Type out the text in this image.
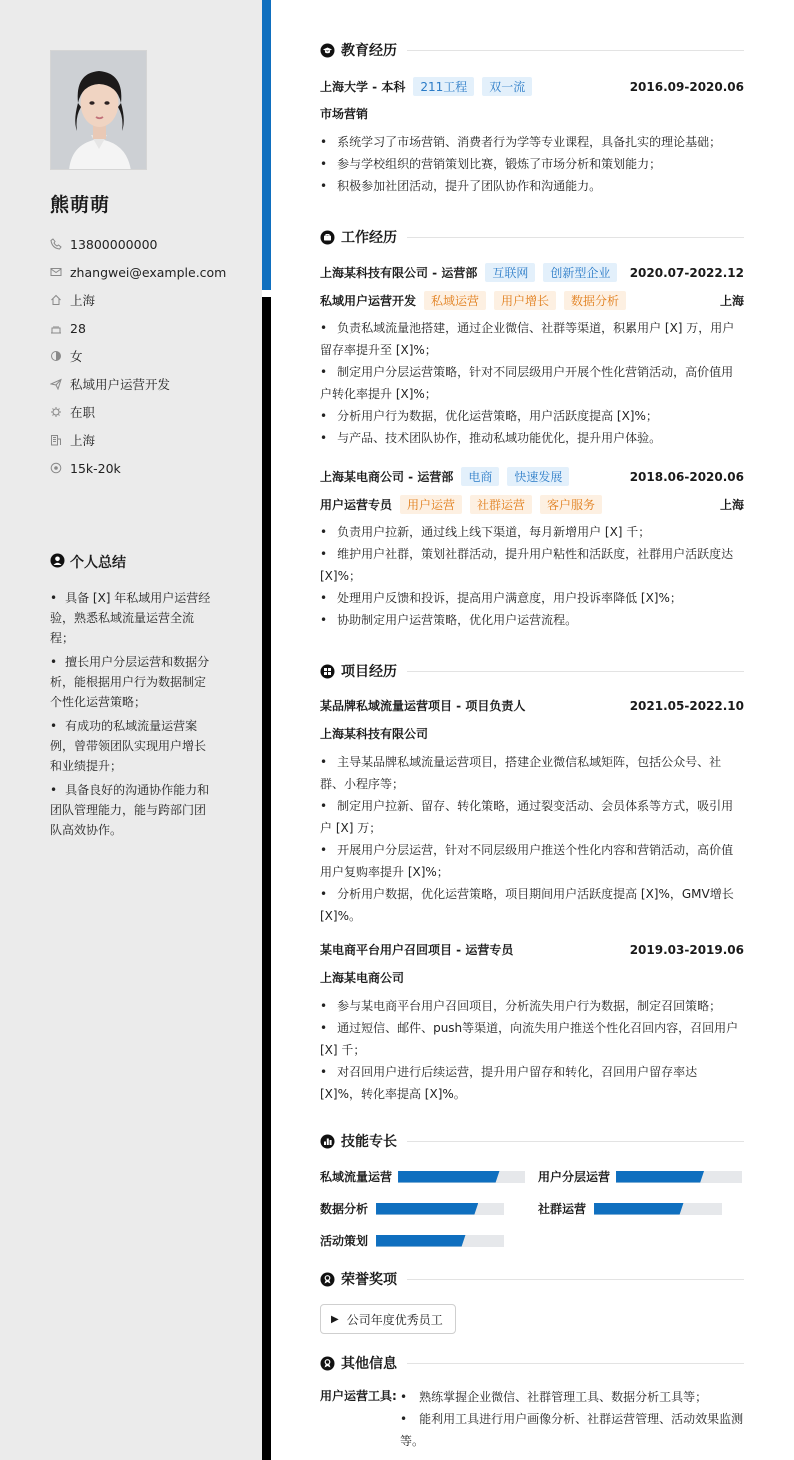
熊萌萌
13800000000
zhangwei@example.com
上海
28
女
私域用户运营开发
在职
上海
15k-20k
个人总结
• 具备 [X] 年私域用户运营经验，熟悉私域流量运营全流程；
• 擅长用户分层运营和数据分析，能根据用户行为数据制定个性化运营策略；
• 有成功的私域流量运营案例，曾带领团队实现用户增长和业绩提升；
• 具备良好的沟通协作能力和团队管理能力，能与跨部门团队高效协作。
教育经历
上海大学 - 本科	211工程	双一流	2016.09-2020.06
市场营销
• 系统学习了市场营销、消费者行为学等专业课程，具备扎实的理论基础；
• 参与学校组织的营销策划比赛，锻炼了市场分析和策划能力；
• 积极参加社团活动，提升了团队协作和沟通能力。
工作经历
上海某科技有限公司 - 运营部	互联网	创新型企业	2020.07-2022.12
私域用户运营开发	私域运营	用户增长	数据分析	上海
• 负责私域流量池搭建，通过企业微信、社群等渠道，积累用户 [X] 万，用户留存率提升至 [X]%；
• 制定用户分层运营策略，针对不同层级用户开展个性化营销活动，高价值用户转化率提升 [X]%；
• 分析用户行为数据，优化运营策略，用户活跃度提高 [X]%；
• 与产品、技术团队协作，推动私域功能优化，提升用户体验。
上海某电商公司 - 运营部	电商	快速发展	2018.06-2020.06
用户运营专员	用户运营	社群运营	客户服务	上海
• 负责用户拉新，通过线上线下渠道，每月新增用户 [X] 千；
• 维护用户社群，策划社群活动，提升用户粘性和活跃度，社群用户活跃度达 [X]%；
• 处理用户反馈和投诉，提高用户满意度，用户投诉率降低 [X]%；
• 协助制定用户运营策略，优化用户运营流程。
项目经历
某品牌私域流量运营项目 - 项目负责人	2021.05-2022.10
上海某科技有限公司
• 主导某品牌私域流量运营项目，搭建企业微信私域矩阵，包括公众号、社群、小程序等；
• 制定用户拉新、留存、转化策略，通过裂变活动、会员体系等方式，吸引用户 [X] 万；
• 开展用户分层运营，针对不同层级用户推送个性化内容和营销活动，高价值用户复购率提升 [X]%；
• 分析用户数据，优化运营策略，项目期间用户活跃度提高 [X]%，GMV增长 [X]%。
某电商平台用户召回项目 - 运营专员	2019.03-2019.06
上海某电商公司
• 参与某电商平台用户召回项目，分析流失用户行为数据，制定召回策略；
• 通过短信、邮件、push等渠道，向流失用户推送个性化召回内容，召回用户 [X] 千；
• 对召回用户进行后续运营，提升用户留存和转化，召回用户留存率达 [X]%，转化率提高 [X]%。
技能专长
私域流量运营	用户分层运营
数据分析	社群运营
活动策划
荣誉奖项
▶ 公司年度优秀员工
其他信息
用户运营工具:
•	熟练掌握企业微信、社群管理工具、数据分析工具等；
• 能利用工具进行用户画像分析、社群运营管理、活动效果监测等。
